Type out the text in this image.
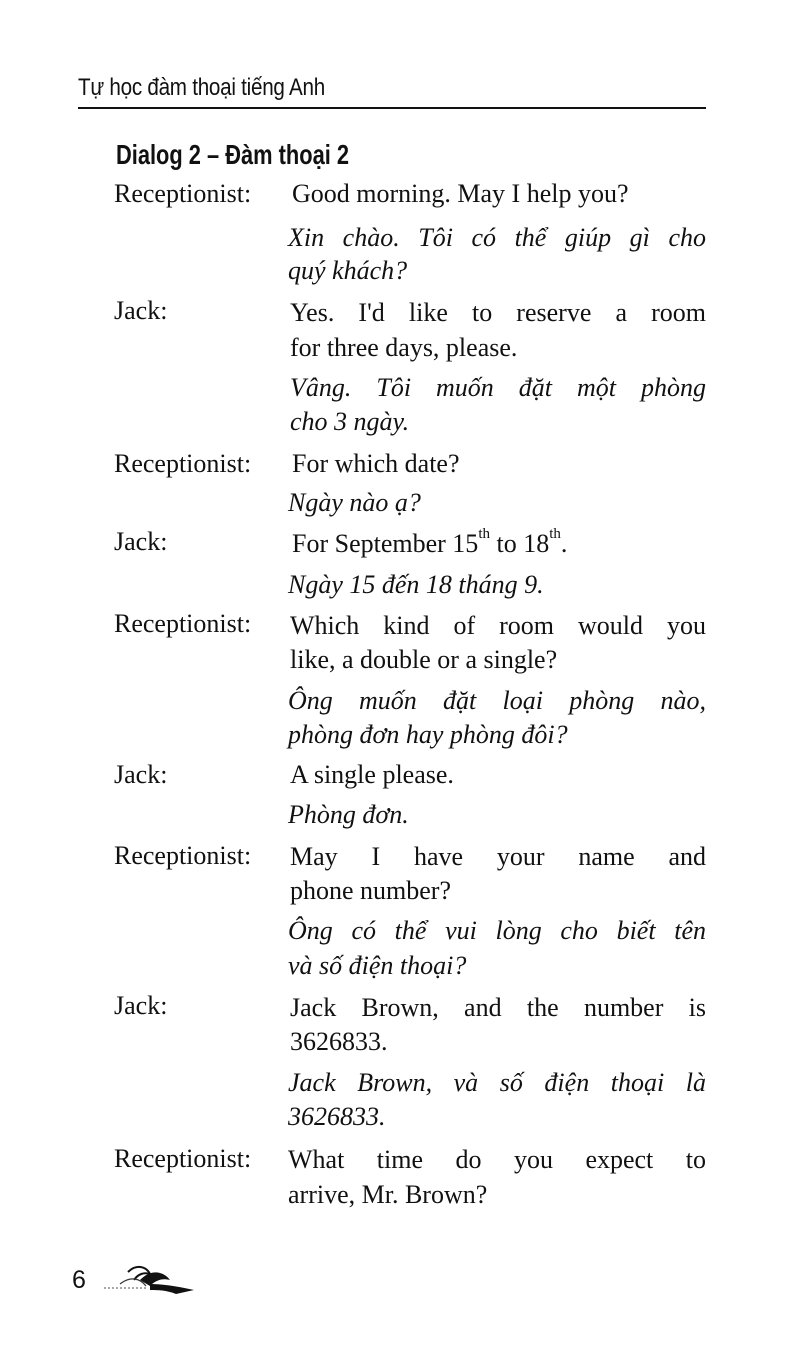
Tự học đàm thoại tiếng Anh
Dialog 2 – Đàm thoại 2
Receptionist: Good morning. May I help you?
Xin chào. Tôi có thể giúp gì cho
quý khách?
Jack:	Yes. I'd like to reserve a room
for three days, please.
Vâng. Tôi muốn đặt một phòng
cho 3 ngày.
Receptionist: For which date?
Ngày nào ạ?
Jack:	For September 15th to 18th.
Ngày 15 đến 18 tháng 9.
Receptionist: Which kind of room would you
like, a double or a single?
Ông muốn đặt loại phòng nào,
phòng đơn hay phòng đôi?
Jack:	A single please.
Phòng đơn.
Receptionist: May I have your name and
phone number?
Ông có thể vui lòng cho biết tên
và số điện thoại?
Jack:	Jack Brown, and the number is
3626833.
Jack Brown, và số điện thoại là
3626833.
Receptionist: What time do you expect to
arrive, Mr. Brown?
6
